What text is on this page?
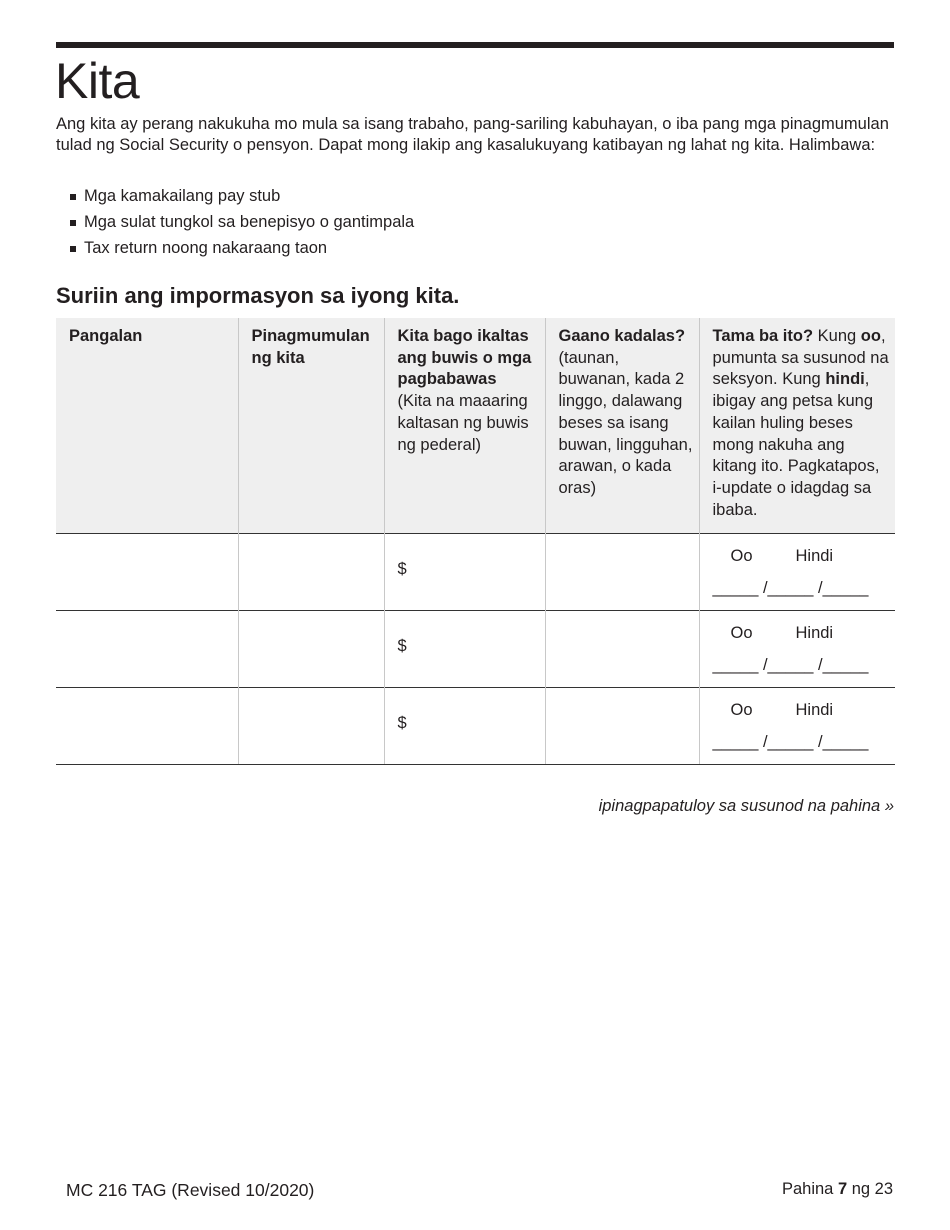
Kita

Ang kita ay perang nakukuha mo mula sa isang trabaho, pang-sariling kabuhayan, o iba pang mga pinagmumulan tulad ng Social Security o pensyon. Dapat mong ilakip ang kasalukuyang katibayan ng lahat ng kita. Halimbawa:

Mga kamakailang pay stub
Mga sulat tungkol sa benepisyo o gantimpala
Tax return noong nakaraang taon
Suriin ang impormasyon sa iyong kita.
Pangalan	Pinagmumulan ng kita	Kita bago ikaltas ang buwis o mga pagbabawas
(Kita na maaaring kaltasan ng buwis ng pederal)	Gaano kadalas?
(taunan, buwanan, kada 2 linggo, dalawang beses sa isang buwan, lingguhan, arawan, o kada oras)	Tama ba ito? Kung oo, pumunta sa susunod na seksyon. Kung hindi, ibigay ang petsa kung kailan huling beses mong nakuha ang kitang ito. Pagkatapos, i-update o idagdag sa ibaba.

		$		Oo Hindi
_____ /_____ /_____

		$		Oo Hindi
_____ /_____ /_____

		$		Oo Hindi
_____ /_____ /_____

ipinagpapatuloy sa susunod na pahina »

MC 216 TAG (Revised 10/2020)	Pahina 7 ng 23
